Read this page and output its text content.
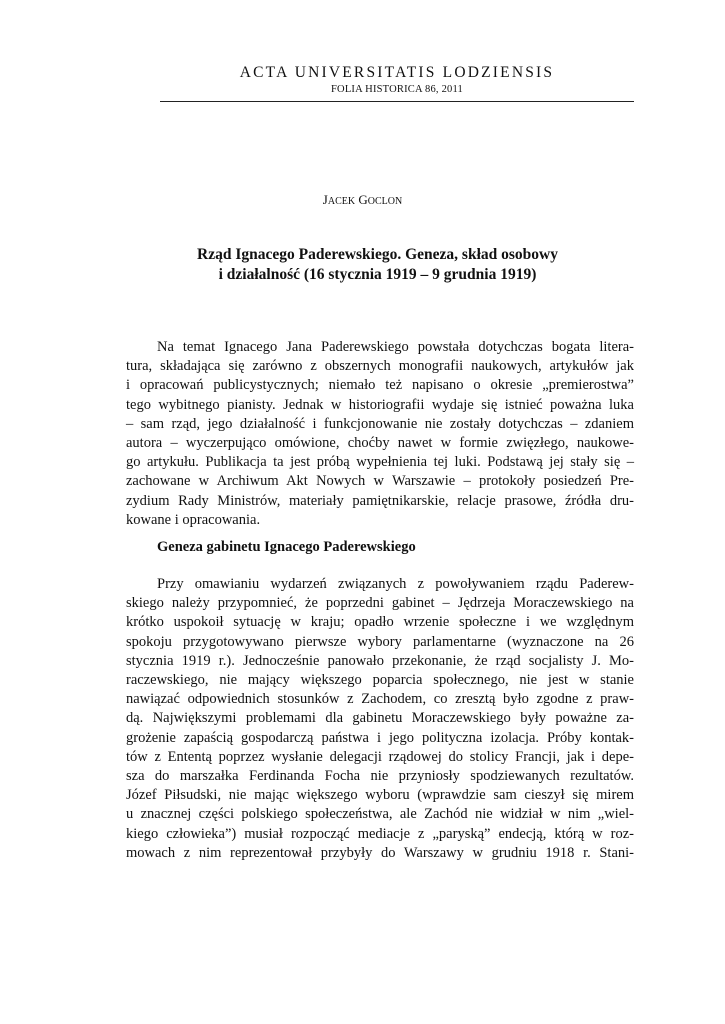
ACTA UNIVERSITATIS LODZIENSIS
FOLIA HISTORICA 86, 2011
JACEK GOCLON
Rząd Ignacego Paderewskiego. Geneza, skład osobowy
i działalność (16 stycznia 1919 – 9 grudnia 1919)

Na temat Ignacego Jana Paderewskiego powstała dotychczas bogata litera-
tura, składająca się zarówno z obszernych monografii naukowych, artykułów jak
i opracowań publicystycznych; niemało też napisano o okresie „premierostwa”
tego wybitnego pianisty. Jednak w historiografii wydaje się istnieć poważna luka
– sam rząd, jego działalność i funkcjonowanie nie zostały dotychczas – zdaniem
autora – wyczerpująco omówione, choćby nawet w formie zwięzłego, naukowe-
go artykułu. Publikacja ta jest próbą wypełnienia tej luki. Podstawą jej stały się –
zachowane w Archiwum Akt Nowych w Warszawie – protokoły posiedzeń Pre-
zydium Rady Ministrów, materiały pamiętnikarskie, relacje prasowe, źródła dru-
kowane i opracowania.

Geneza gabinetu Ignacego Paderewskiego

Przy omawianiu wydarzeń związanych z powoływaniem rządu Paderew-
skiego należy przypomnieć, że poprzedni gabinet – Jędrzeja Moraczewskiego na
krótko uspokoił sytuację w kraju; opadło wrzenie społeczne i we względnym
spokoju przygotowywano pierwsze wybory parlamentarne (wyznaczone na 26
stycznia 1919 r.). Jednocześnie panowało przekonanie, że rząd socjalisty J. Mo-
raczewskiego, nie mający większego poparcia społecznego, nie jest w stanie
nawiązać odpowiednich stosunków z Zachodem, co zresztą było zgodne z praw-
dą. Największymi problemami dla gabinetu Moraczewskiego były poważne za-
grożenie zapaścią gospodarczą państwa i jego polityczna izolacja. Próby kontak-
tów z Ententą poprzez wysłanie delegacji rządowej do stolicy Francji, jak i depe-
sza do marszałka Ferdinanda Focha nie przyniosły spodziewanych rezultatów.
Józef Piłsudski, nie mając większego wyboru (wprawdzie sam cieszył się mirem
u znacznej części polskiego społeczeństwa, ale Zachód nie widział w nim „wiel-
kiego człowieka”) musiał rozpocząć mediacje z „paryską” endecją, którą w roz-
mowach z nim reprezentował przybyły do Warszawy w grudniu 1918 r. Stani-
